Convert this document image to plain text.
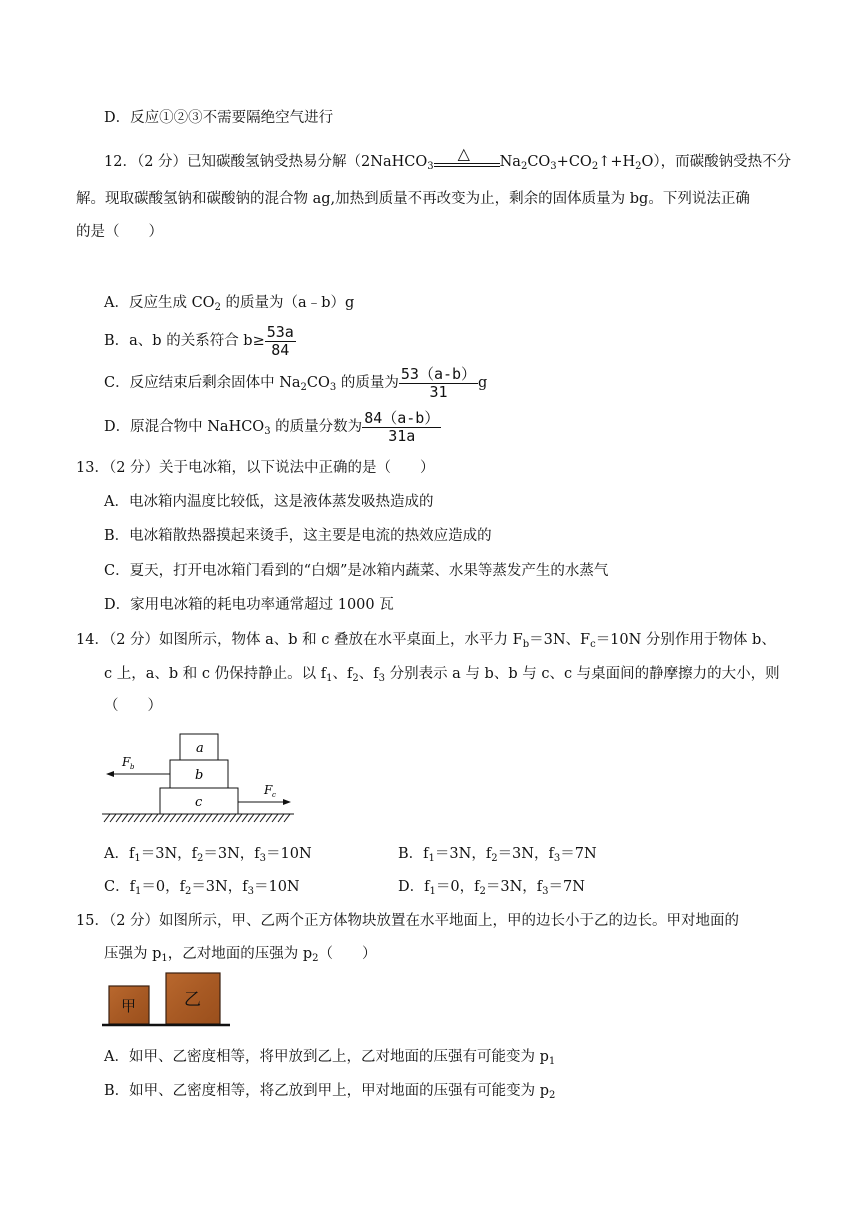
D．反应①②③不需要隔绝空气进行
12．（2 分）已知碳酸氢钠受热易分解（2NaHCO$_3$
△ $Na_2CO_3+CO_2↑+H_2O$），而碳酸钠受热不分
解。现取碳酸氢钠和碳酸钠的混合物 ag,加热到质量不再改变为止，剩余的固体质量为 bg。下列说法正确
的是（　　）
A．反应生成 $CO_2$ 的质量为（a﹣b）g
B．a、b 的关系符合 $b\ge \frac{53a}{84}$
C．反应结束后剩余固体中 $Na_2CO_3$ 的质量为 $\frac{53(a-b)}{31}$ g
D．原混合物中 NaHCO$_3$ 的质量分数为 $\frac{84(a-b)}{31a}$
13．（2 分）关于电冰箱，以下说法中正确的是（　　）
A．电冰箱内温度比较低，这是液体蒸发吸热造成的
B．电冰箱散热器摸起来烫手，这主要是电流的热效应造成的
C．夏天，打开电冰箱门看到的“白烟”是冰箱内蔬菜、水果等蒸发产生的水蒸气
D．家用电冰箱的耗电功率通常超过 1000 瓦
14．（2 分）如图所示，物体 a、b 和 c 叠放在水平桌面上，水平力 $F_b=3N$、$F_c=10N$ 分别作用于物体 b、
c 上，a、b 和 c 仍保持静止。以 $f_1$、$f_2$、$f_3$ 分别表示 a 与 b、b 与 c、c 与桌面间的静摩擦力的大小，则
（　　）
a
b
c
F b
F c
A．$f_1=3N$，$f_2=3N$，$f_3=10N$	B．$f_1=3N$，$f_2=3N$，$f_3=7N$
C．$f_1=0$，$f_2=3N$，$f_3=10N$	D．$f_1=0$，$f_2=3N$，$f_3=7N$
15．（2 分）如图所示，甲、乙两个正方体物块放置在水平地面上，甲的边长小于乙的边长。甲对地面的
压强为 $p_1$，乙对地面的压强为 $p_2$（　　）
甲	乙
A．如甲、乙密度相等，将甲放到乙上，乙对地面的压强有可能变为 $p_1$
B．如甲、乙密度相等，将乙放到甲上，甲对地面的压强有可能变为 $p_2$
